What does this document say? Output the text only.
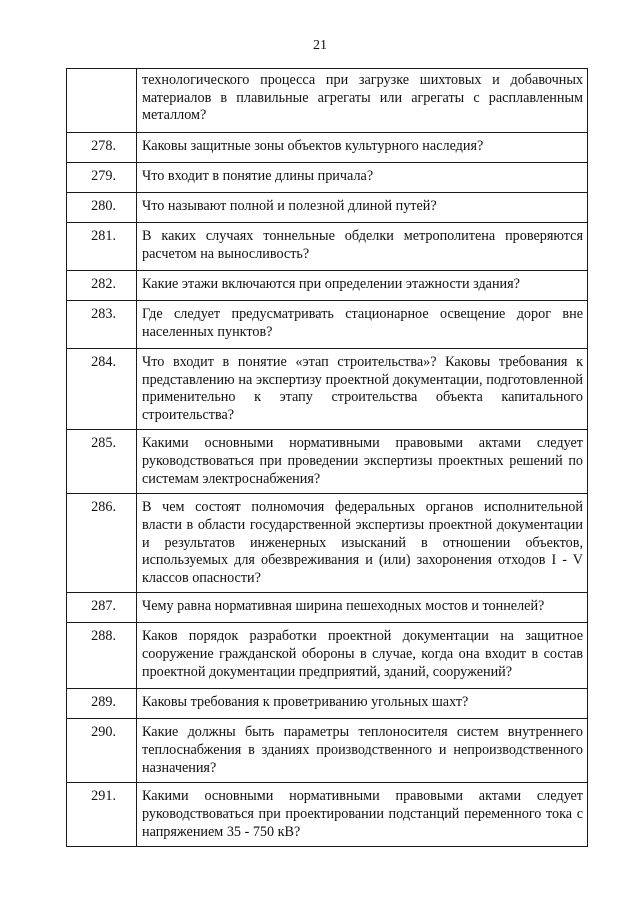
21
	технологического процесса при загрузке шихтовых и добавочных материалов в плавильные агрегаты или агрегаты с расплавленным металлом?
278.	Каковы защитные зоны объектов культурного наследия?
279.	Что входит в понятие длины причала?
280.	Что называют полной и полезной длиной путей?
281.	В каких случаях тоннельные обделки метрополитена проверяются расчетом на выносливость?
282.	Какие этажи включаются при определении этажности здания?
283.	Где следует предусматривать стационарное освещение дорог вне населенных пунктов?
284.	Что входит в понятие «этап строительства»? Каковы требования к представлению на экспертизу проектной документации, подготовленной применительно к этапу строительства объекта капитального строительства?
285.	Какими основными нормативными правовыми актами следует руководствоваться при проведении экспертизы проектных решений по системам электроснабжения?
286.	В чем состоят полномочия федеральных органов исполнительной власти в области государственной экспертизы проектной документации и результатов инженерных изысканий в отношении объектов, используемых для обезвреживания и (или) захоронения отходов I - V классов опасности?
287.	Чему равна нормативная ширина пешеходных мостов и тоннелей?
288.	Каков порядок разработки проектной документации на защитное сооружение гражданской обороны в случае, когда она входит в состав проектной документации предприятий, зданий, сооружений?
289.	Каковы требования к проветриванию угольных шахт?
290.	Какие должны быть параметры теплоносителя систем внутреннего теплоснабжения в зданиях производственного и непроизводственного назначения?
291.	Какими основными нормативными правовыми актами следует руководствоваться при проектировании подстанций переменного тока с напряжением 35 - 750 кВ?
